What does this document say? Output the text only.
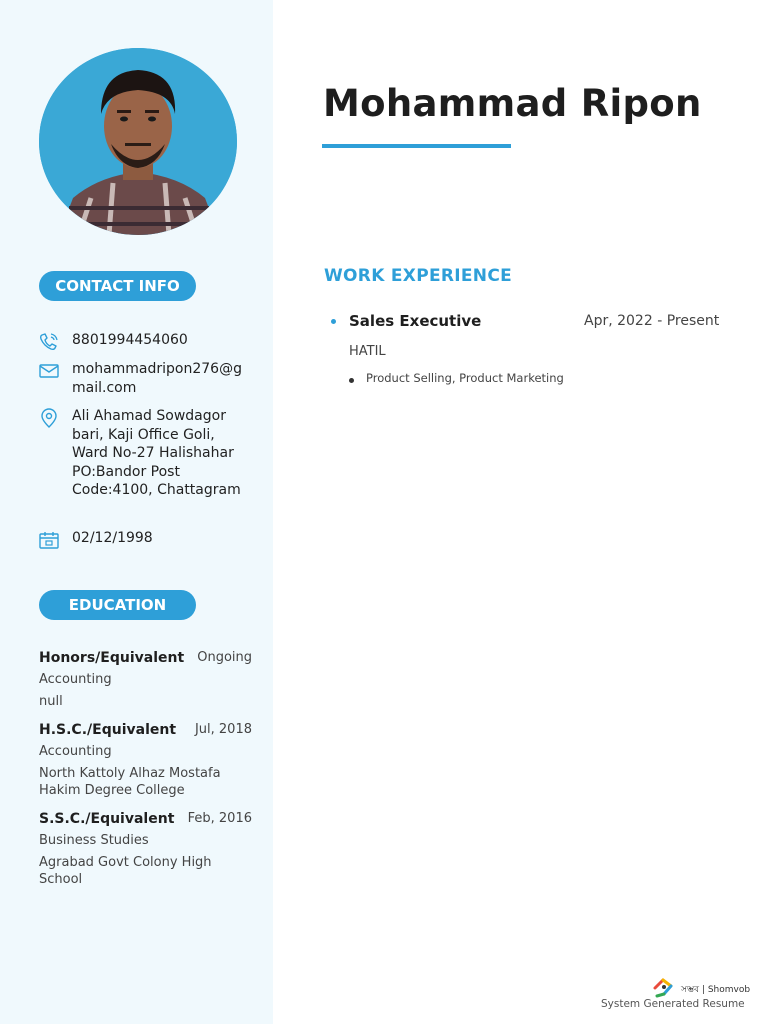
CONTACT INFO
8801994454060
mohammadripon276@gmail.com
Ali Ahamad Sowdagor bari, Kaji Office Goli, Ward No-27 Halishahar PO:Bandor Post Code:4100, Chattagram
02/12/1998
EDUCATION
Honors/Equivalent	Ongoing
Accounting
null
H.S.C./Equivalent	Jul, 2018
Accounting
North Kattoly Alhaz Mostafa Hakim Degree College
S.S.C./Equivalent	Feb, 2016
Business Studies
Agrabad Govt Colony High School
Mohammad Ripon
WORK EXPERIENCE
Sales Executive	Apr, 2022 - Present
HATIL
Product Selling, Product Marketing
সম্ভব | Shomvob
System Generated Resume
